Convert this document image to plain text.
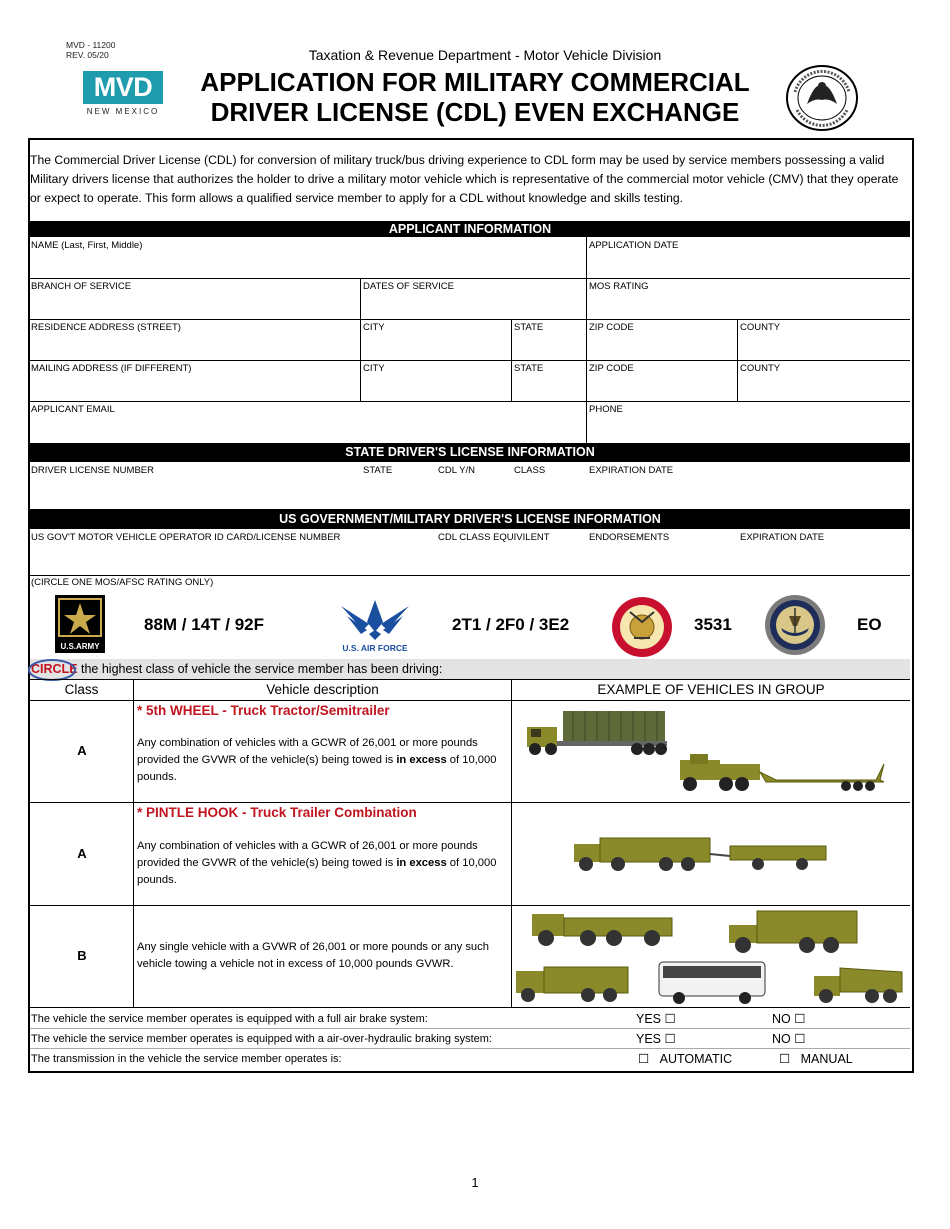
MVD - 11200
REV. 05/20
MVD
NEW MEXICO
Taxation & Revenue Department - Motor Vehicle Division
APPLICATION FOR MILITARY COMMERCIAL
DRIVER LICENSE (CDL) EVEN EXCHANGE
The Commercial Driver License (CDL) for conversion of military truck/bus driving experience to CDL form may be used by service members possessing a valid Military drivers license that authorizes the holder to drive a military motor vehicle which is representative of the commercial motor vehicle (CMV) that they operate or expect to operate. This form allows a qualified service member to apply for a CDL without knowledge and skills testing.
APPLICANT INFORMATION
STATE DRIVER'S LICENSE INFORMATION
NAME (Last, First, Middle)	APPLICATION DATE
BRANCH OF SERVICE	DATES OF SERVICE	MOS RATING
RESIDENCE ADDRESS (STREET)	CITY	STATE	ZIP CODE	COUNTY
MAILING ADDRESS (IF DIFFERENT)	CITY	STATE	ZIP CODE	COUNTY
APPLICANT EMAIL	PHONE
DRIVER LICENSE NUMBER	STATE	CDL Y/N	CLASS	EXPIRATION DATE
US GOVERNMENT/MILITARY DRIVER'S LICENSE INFORMATION
US GOV'T MOTOR VEHICLE OPERATOR ID CARD/LICENSE NUMBER	CDL CLASS EQUIVILENT	ENDORSEMENTS	EXPIRATION DATE
(CIRCLE ONE MOS/AFSC RATING ONLY)
U.S.ARMY
88M / 14T / 92F
U.S. AIR FORCE
2T1 / 2F0 / 3E2	3531	EO
CIRCLE the highest class of vehicle the service member has been driving:
Class	Vehicle description	EXAMPLE OF VEHICLES IN GROUP
A
* 5th WHEEL - Truck Tractor/Semitrailer
Any combination of vehicles with a GCWR of 26,001 or more pounds provided the GVWR of the vehicle(s) being towed is in excess of 10,000 pounds.
A
* PINTLE HOOK - Truck Trailer Combination
Any combination of vehicles with a GCWR of 26,001 or more pounds provided the GVWR of the vehicle(s) being towed is in excess of 10,000 pounds.
B
Any single vehicle with a GVWR of 26,001 or more pounds or any such vehicle towing a vehicle not in excess of 10,000 pounds GVWR.
The vehicle the service member operates is equipped with a full air brake system:	YES ☐	NO ☐
The vehicle the service member operates is equipped with a air-over-hydraulic braking system:	YES ☐	NO ☐
The transmission in the vehicle the service member operates is:	☐ AUTOMATIC	☐ MANUAL
1
